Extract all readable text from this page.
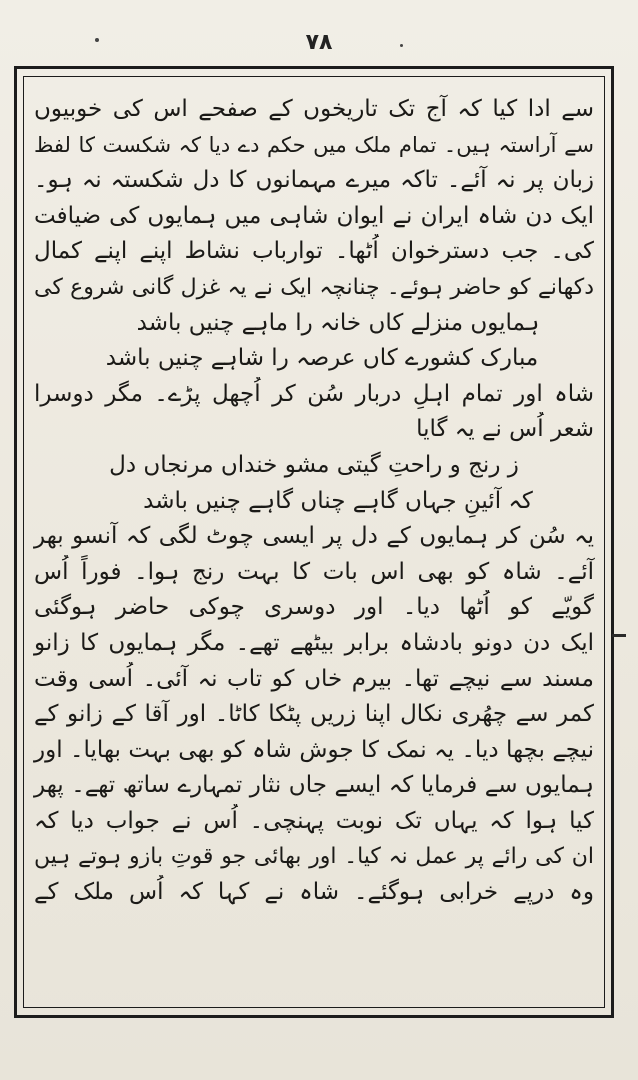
۷۸
سے ادا کیا کہ آج تک تاریخوں کے صفحے اس کی خوبیوں
سے آراستہ ہیں۔ تمام ملک میں حکم دے دیا کہ شکست کا لفظ
زبان پر نہ آئے۔ تاکہ میرے مہمانوں کا دل شکستہ نہ ہو۔
ایک دن شاہ ایران نے ایوان شاہی میں ہمایوں کی ضیافت
کی۔ جب دسترخوان اُٹھا۔ توارباب نشاط اپنے اپنے کمال
دکھانے کو حاضر ہوئے۔ چنانچہ ایک نے یہ غزل گانی شروع کی
ہمایوں منزلے کاں خانہ را ماہے چنیں باشد
مبارک کشورے کاں عرصہ را شاہے چنیں باشد
شاہ اور تمام اہلِ دربار سُن کر اُچھل پڑے۔ مگر دوسرا
شعر اُس نے یہ گایا
ز رنج و راحتِ گیتی مشو خنداں مرنجاں دل
کہ آئینِ جہاں گاہے چناں گاہے چنیں باشد
یہ سُن کر ہمایوں کے دل پر ایسی چوٹ لگی کہ آنسو بھر
آئے۔ شاہ کو بھی اس بات کا بہت رنج ہوا۔ فوراً اُس
گویّے کو اُٹھا دیا۔ اور دوسری چوکی حاضر ہوگئی
ایک دن دونو بادشاہ برابر بیٹھے تھے۔ مگر ہمایوں کا زانو
مسند سے نیچے تھا۔ بیرم خاں کو تاب نہ آئی۔ اُسی وقت
کمر سے چھُری نکال اپنا زریں پٹکا کاٹا۔ اور آقا کے زانو کے
نیچے بچھا دیا۔ یہ نمک کا جوش شاہ کو بھی بہت بھایا۔ اور
ہمایوں سے فرمایا کہ ایسے جاں نثار تمہارے ساتھ تھے۔ پھر
کیا ہوا کہ یہاں تک نوبت پہنچی۔ اُس نے جواب دیا کہ
ان کی رائے پر عمل نہ کیا۔ اور بھائی جو قوتِ بازو ہوتے ہیں
وہ درپے خرابی ہوگئے۔ شاہ نے کہا کہ اُس ملک کے
